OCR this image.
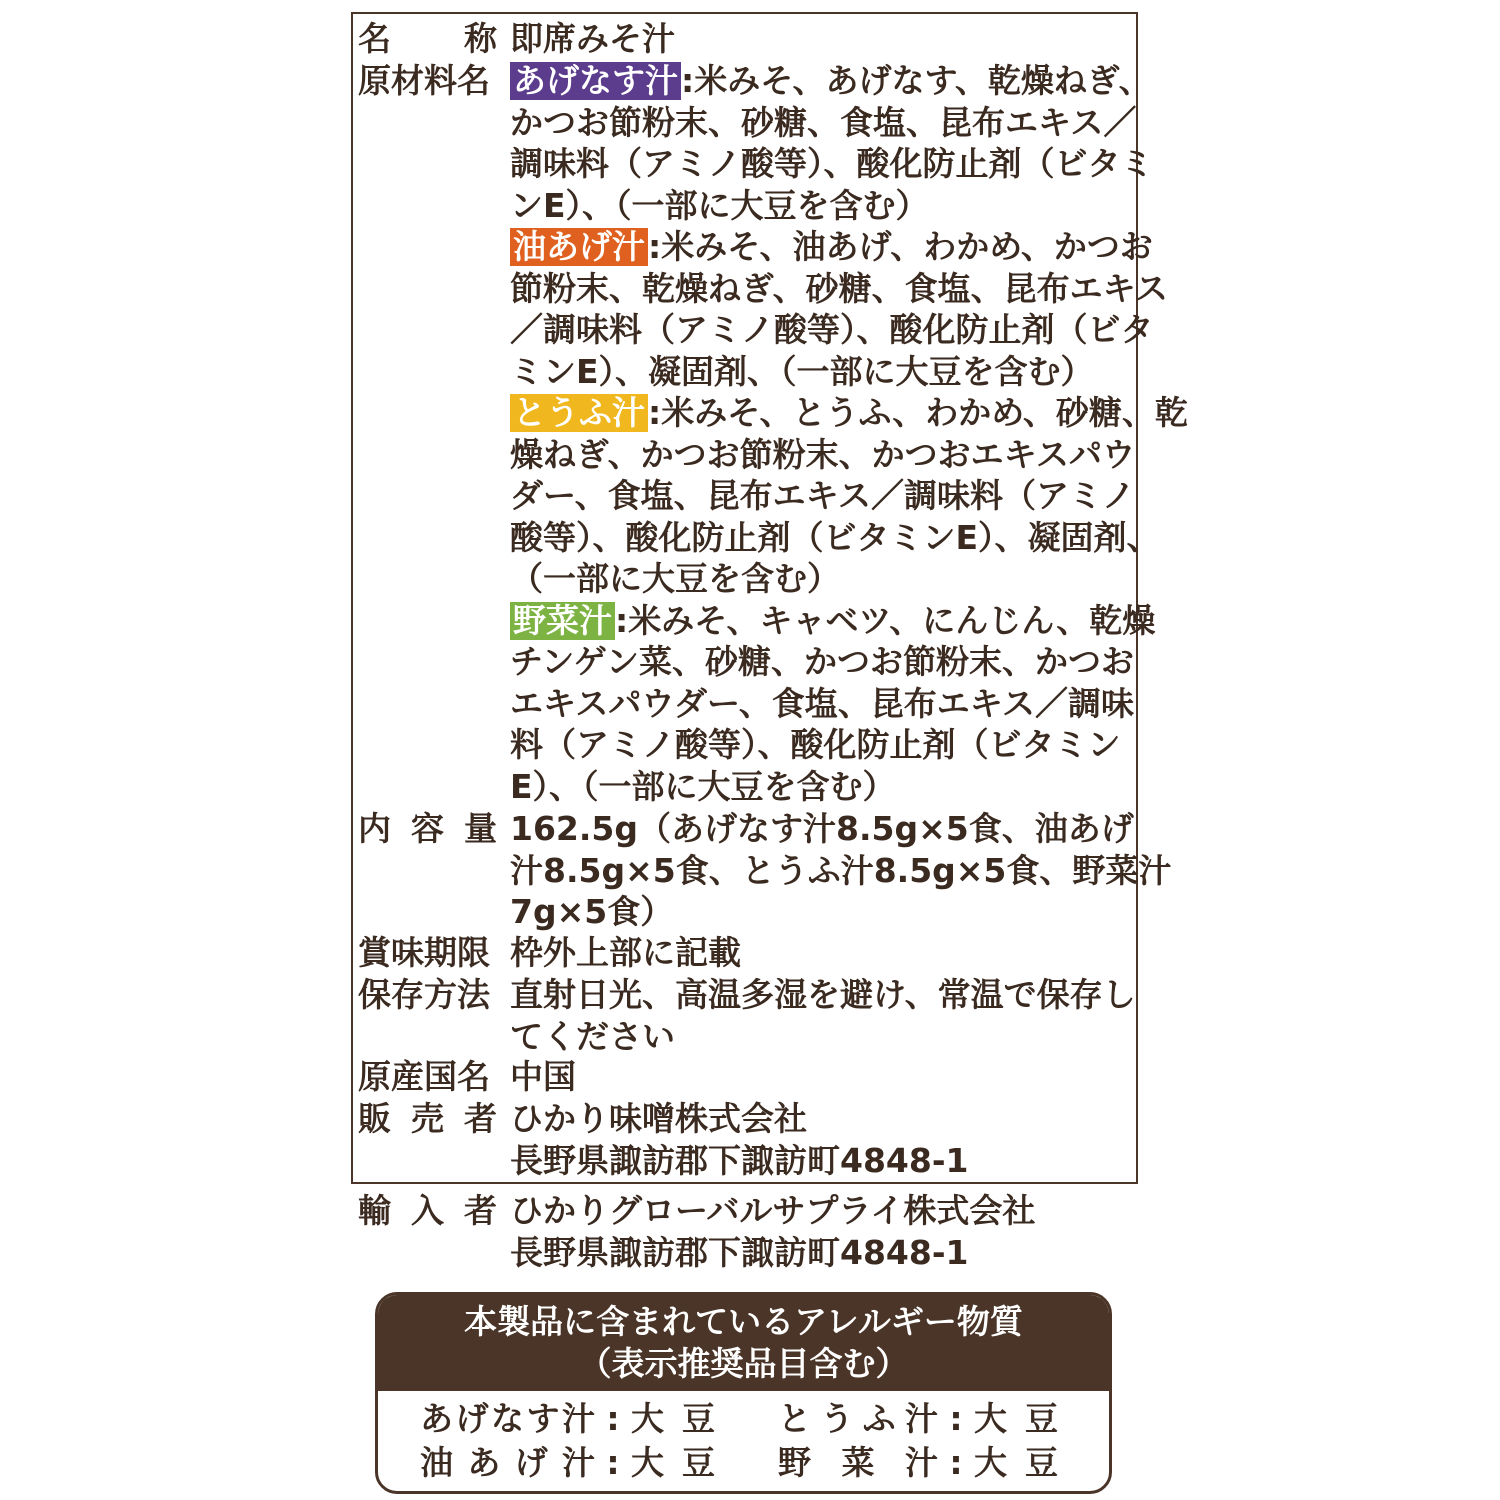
名 称 即席みそ汁
原材料名 あげなす汁:米みそ、あげなす、乾燥ねぎ、
かつお節粉末、砂糖、食塩、昆布エキス／
調味料（アミノ酸等）、酸化防止剤（ビタミ
ンE）、（一部に大豆を含む）
油あげ汁:米みそ、油あげ、わかめ、かつお
節粉末、乾燥ねぎ、砂糖、食塩、昆布エキス
／調味料（アミノ酸等）、酸化防止剤（ビタ
ミンE）、凝固剤、（一部に大豆を含む）
とうふ汁:米みそ、とうふ、わかめ、砂糖、乾
燥ねぎ、かつお節粉末、かつおエキスパウ
ダー、食塩、昆布エキス／調味料（アミノ
酸等）、酸化防止剤（ビタミンE）、凝固剤、
（一部に大豆を含む）
野菜汁:米みそ、キャベツ、にんじん、乾燥
チンゲン菜、砂糖、かつお節粉末、かつお
エキスパウダー、食塩、昆布エキス／調味
料（アミノ酸等）、酸化防止剤（ビタミン
E）、（一部に大豆を含む）
内 容 量 162.5g（あげなす汁8.5g×5食、油あげ
汁8.5g×5食、とうふ汁8.5g×5食、野菜汁
7g×5食）
賞味期限 枠外上部に記載
保存方法 直射日光、高温多湿を避け、常温で保存し
てください
原産国名 中国
販 売 者 ひかり味噌株式会社
長野県諏訪郡下諏訪町4848-1
輸 入 者 ひかりグローバルサプライ株式会社
長野県諏訪郡下諏訪町4848-1
本製品に含まれているアレルギー物質
（表示推奨品目含む）
あ げ な す 汁 : 大 豆 と う ふ 汁 : 大 豆
油 あ げ 汁 : 大 豆 野 菜 汁 : 大 豆
